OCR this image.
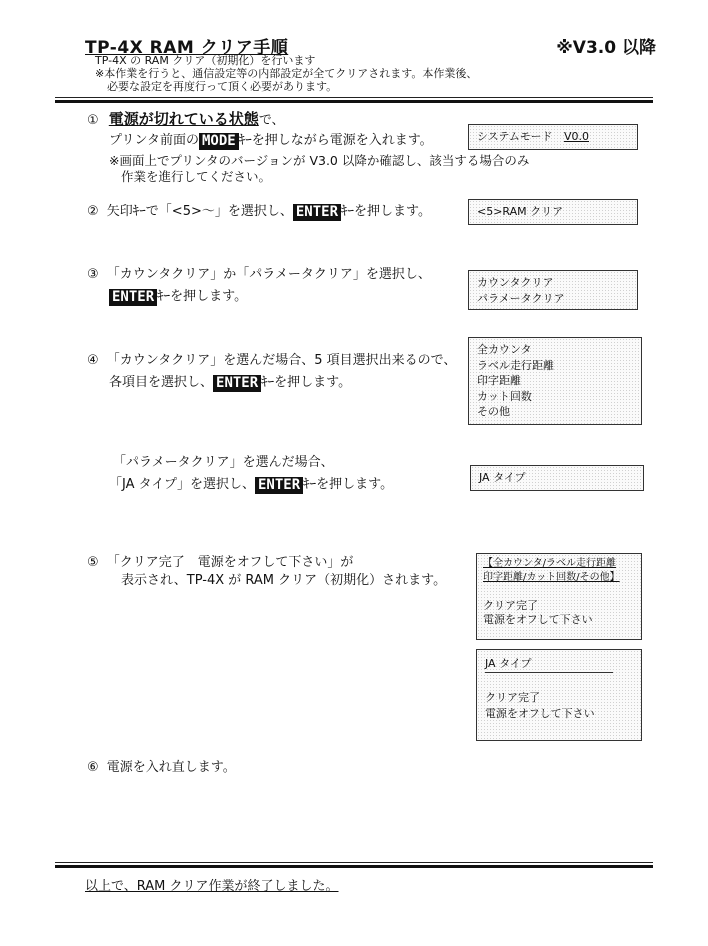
TP-4X RAM クリア手順	※V3.0 以降
TP-4X の RAM クリア（初期化）を行います
※本作業を行うと、通信設定等の内部設定が全てクリアされます。本作業後、
必要な設定を再度行って頂く必要があります。
① 電源が切れている状態で、
プリンタ前面の MODE ｷｰを押しながら電源を入れます。
※画面上でプリンタのバージョンが V3.0 以降か確認し、該当する場合のみ
作業を進行してください。
システムモード V0.0
② 矢印ｷｰで「<5>～」を選択し、 ENTER ｷｰを押します。	<5>RAM クリア
③ 「カウンタクリア」か「パラメータクリア」を選択し、
ENTER ｷｰを押します。
カウンタクリア
パラメータクリア
④ 「カウンタクリア」を選んだ場合、5 項目選択出来るので、
各項目を選択し、 ENTER ｷｰを押します。
全カウンタ
ラベル走行距離
印字距離
カット回数
その他
「パラメータクリア」を選んだ場合、
「JA タイプ」を選択し、 ENTER ｷｰを押します。	JA タイプ
⑤ 「クリア完了　電源をオフして下さい」が
表示され、TP-4X が RAM クリア（初期化）されます。
【全カウンタ/ラベル走行距離
印字距離/カット回数/その他】
クリア完了
電源をオフして下さい
JA タイプ
クリア完了
電源をオフして下さい
⑥ 電源を入れ直します。
以上で、RAM クリア作業が終了しました。
